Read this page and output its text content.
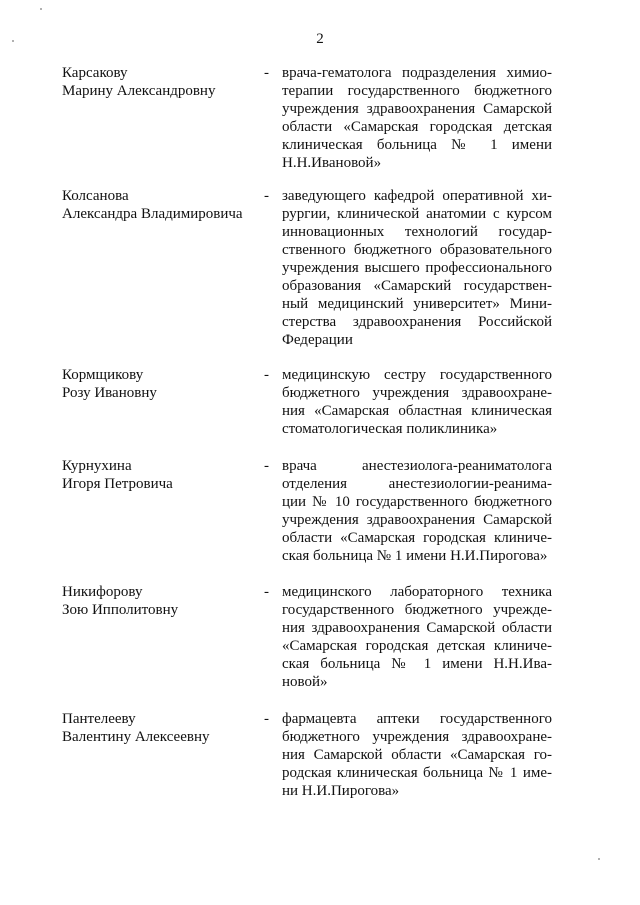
2
Карсакову
Марину Александровну
- врача-гематолога подразделения химио-
терапии государственного бюджетного
учреждения здравоохранения Самарской
области «Самарская городская детская
клиническая больница № 1 имени
Н.Н.Ивановой»
Колсанова
Александра Владимировича
- заведующего кафедрой оперативной хи-
рургии, клинической анатомии с курсом
инновационных технологий государ-
ственного бюджетного образовательного
учреждения высшего профессионального
образования «Самарский государствен-
ный медицинский университет» Мини-
стерства здравоохранения Российской
Федерации
Кормщикову
Розу Ивановну
- медицинскую сестру государственного
бюджетного учреждения здравоохране-
ния «Самарская областная клиническая
стоматологическая поликлиника»
Курнухина
Игоря Петровича
- врача анестезиолога-реаниматолога
отделения анестезиологии-реанима-
ции № 10 государственного бюджетного
учреждения здравоохранения Самарской
области «Самарская городская клиниче-
ская больница № 1 имени Н.И.Пирогова»
Никифорову
Зою Ипполитовну
- медицинского лабораторного техника
государственного бюджетного учрежде-
ния здравоохранения Самарской области
«Самарская городская детская клиниче-
ская больница № 1 имени Н.Н.Ива-
новой»
Пантелееву
Валентину Алексеевну
- фармацевта аптеки государственного
бюджетного учреждения здравоохране-
ния Самарской области «Самарская го-
родская клиническая больница № 1 име-
ни Н.И.Пирогова»
